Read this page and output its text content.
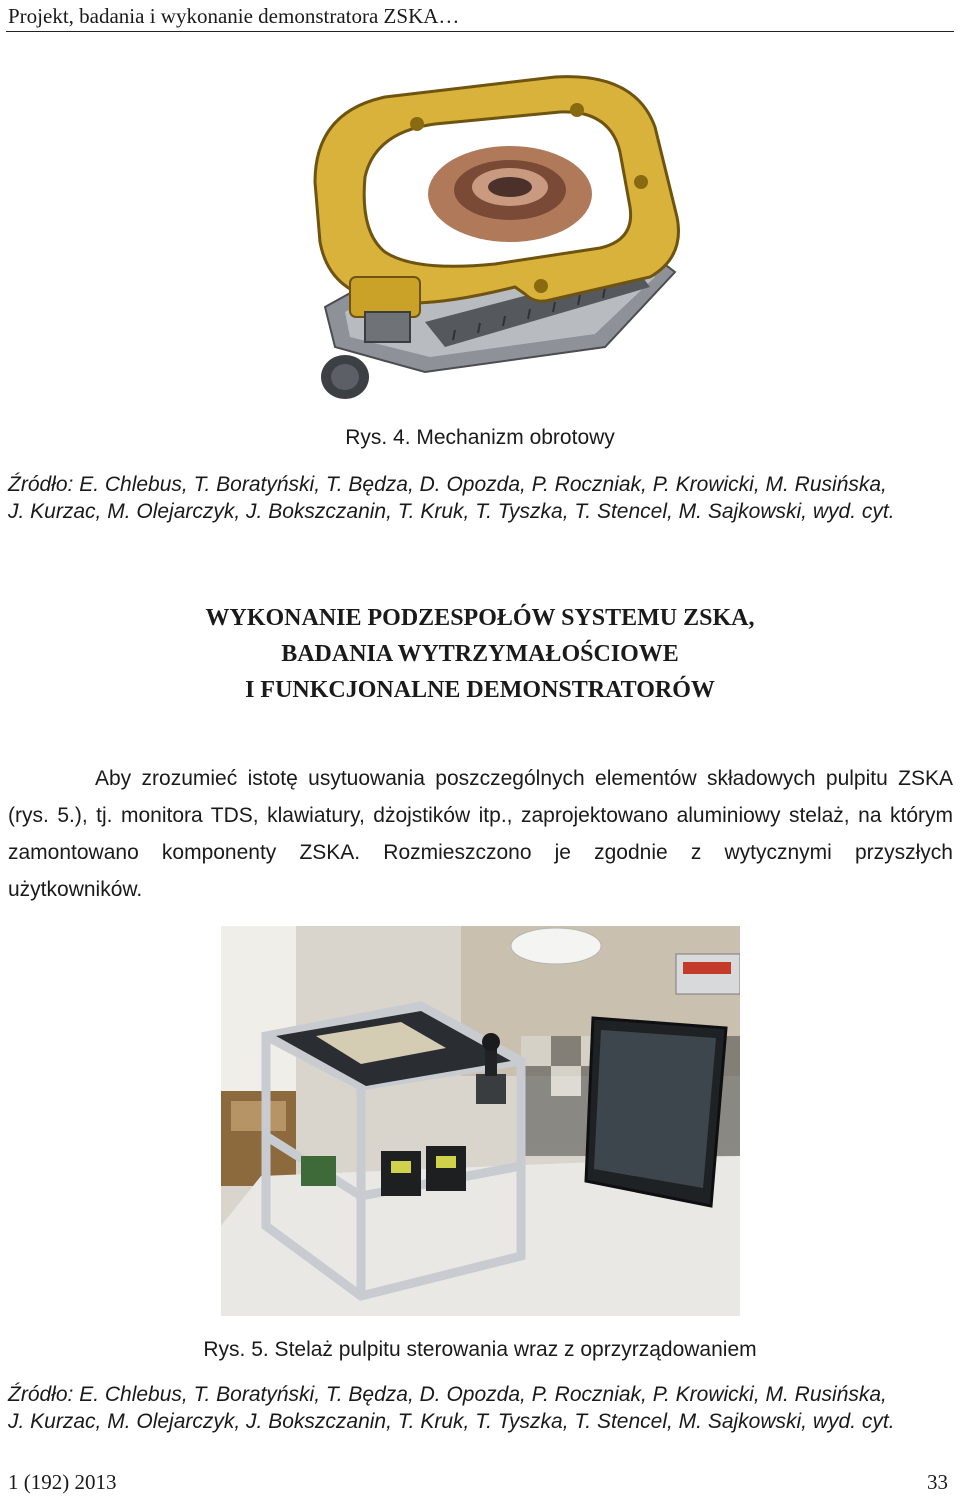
Projekt, badania i wykonanie demonstratora ZSKA…
Rys. 4. Mechanizm obrotowy
Źródło: E. Chlebus, T. Boratyński, T. Będza, D. Opozda, P. Roczniak, P. Krowicki, M. Rusińska,
J. Kurzac, M. Olejarczyk, J. Bokszczanin, T. Kruk, T. Tyszka, T. Stencel, M. Sajkowski, wyd. cyt.
WYKONANIE PODZESPOŁÓW SYSTEMU ZSKA,
BADANIA WYTRZYMAŁOŚCIOWE
I FUNKCJONALNE DEMONSTRATORÓW
Aby zrozumieć istotę usytuowania poszczególnych elementów składowych pulpitu ZSKA (rys. 5.), tj. monitora TDS, klawiatury, dżojstików itp., zaprojektowano aluminiowy stelaż, na którym zamontowano komponenty ZSKA. Rozmieszczono je zgodnie z wytycznymi przyszłych użytkowników.
Rys. 5. Stelaż pulpitu sterowania wraz z oprzyrządowaniem
Źródło: E. Chlebus, T. Boratyński, T. Będza, D. Opozda, P. Roczniak, P. Krowicki, M. Rusińska,
J. Kurzac, M. Olejarczyk, J. Bokszczanin, T. Kruk, T. Tyszka, T. Stencel, M. Sajkowski, wyd. cyt.
1 (192) 2013	33
